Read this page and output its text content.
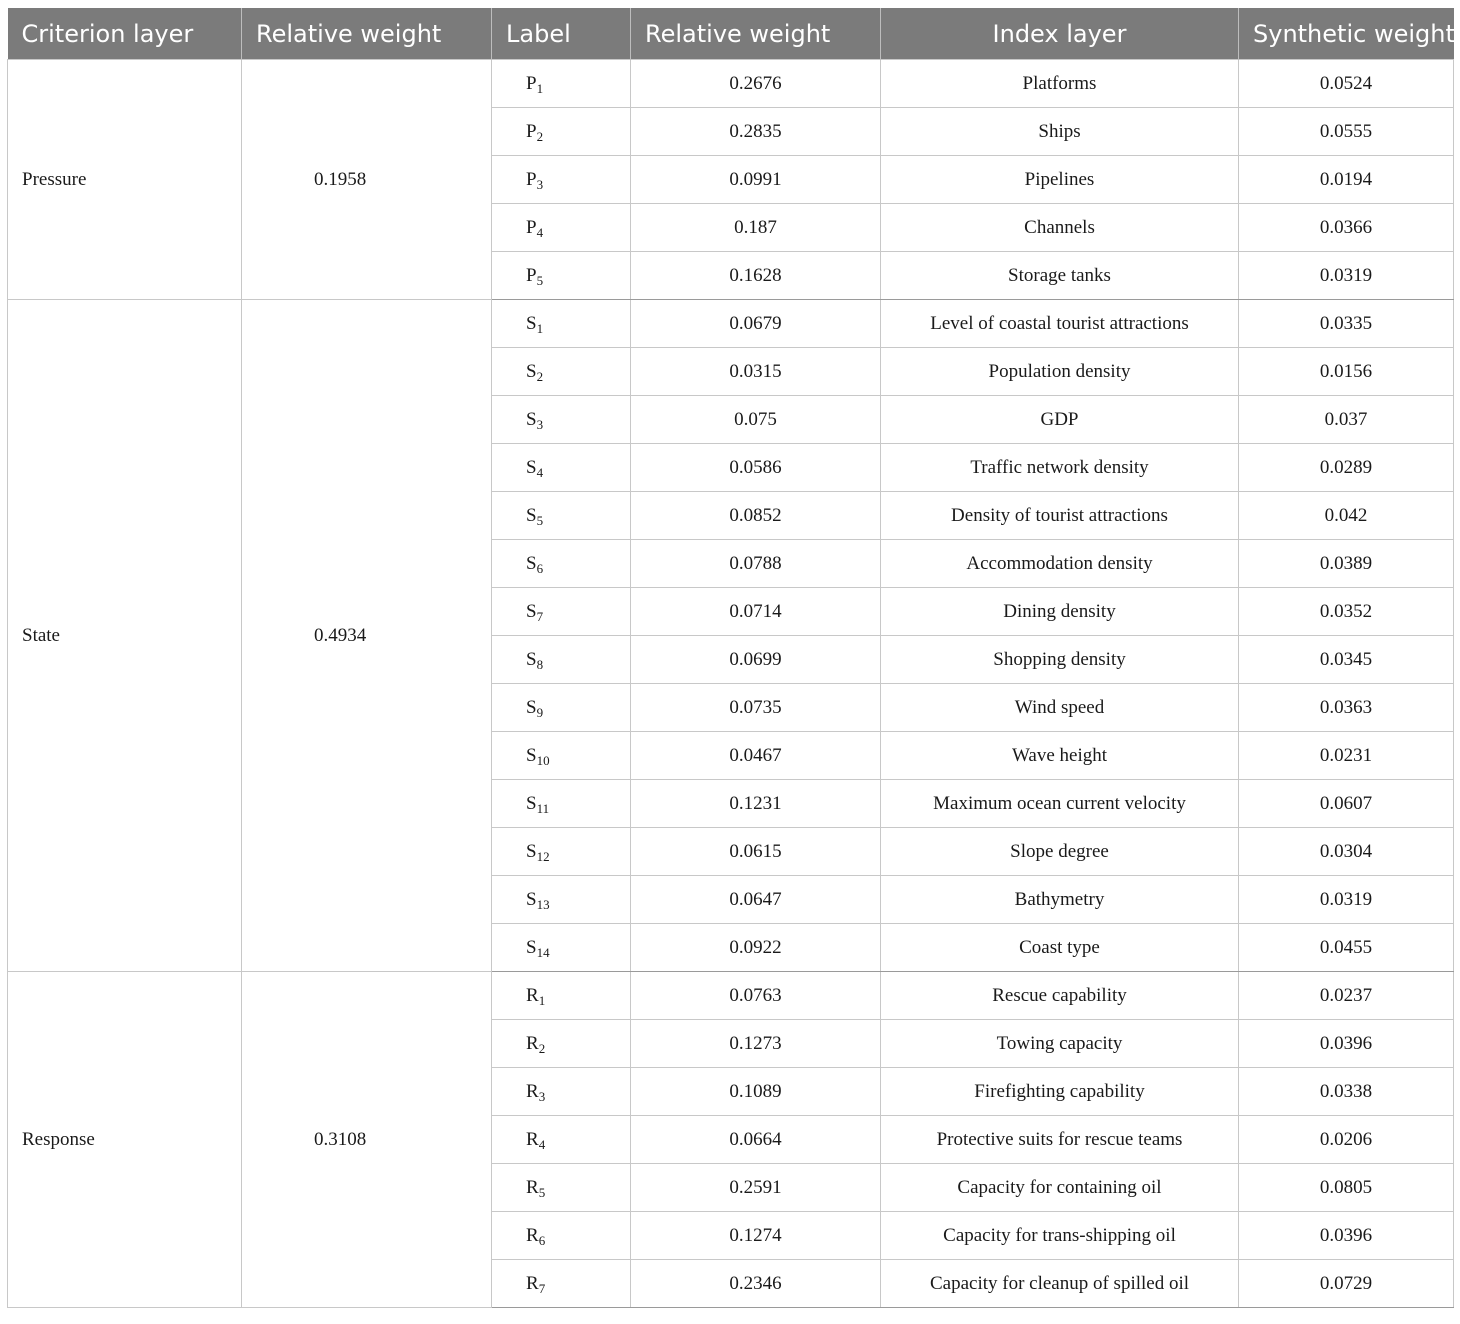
Criterion layer	Relative weight	Label	Relative weight	Index layer	Synthetic weight
Pressure	0.1958	$P_1$	0.2676	Platforms	0.0524
		$P_2$	0.2835	Ships	0.0555
		$P_3$	0.0991	Pipelines	0.0194
		$P_4$	0.187	Channels	0.0366
		$P_5$	0.1628	Storage tanks	0.0319
State	0.4934	$S_1$	0.0679	Level of coastal tourist attractions	0.0335
		$S_2$	0.0315	Population density	0.0156
		$S_3$	0.075	GDP	0.037
		$S_4$	0.0586	Traffic network density	0.0289
		$S_5$	0.0852	Density of tourist attractions	0.042
		$S_6$	0.0788	Accommodation density	0.0389
		$S_7$	0.0714	Dining density	0.0352
		$S_8$	0.0699	Shopping density	0.0345
		$S_9$	0.0735	Wind speed	0.0363
		$S_{10}$	0.0467	Wave height	0.0231
		$S_{11}$	0.1231	Maximum ocean current velocity	0.0607
		$S_{12}$	0.0615	Slope degree	0.0304
		$S_{13}$	0.0647	Bathymetry	0.0319
		$S_{14}$	0.0922	Coast type	0.0455
Response	0.3108	$R_1$	0.0763	Rescue capability	0.0237
		$R_2$	0.1273	Towing capacity	0.0396
		$R_3$	0.1089	Firefighting capability	0.0338
		$R_4$	0.0664	Protective suits for rescue teams	0.0206
		$R_5$	0.2591	Capacity for containing oil	0.0805
		$R_6$	0.1274	Capacity for trans-shipping oil	0.0396
		$R_7$	0.2346	Capacity for cleanup of spilled oil	0.0729
